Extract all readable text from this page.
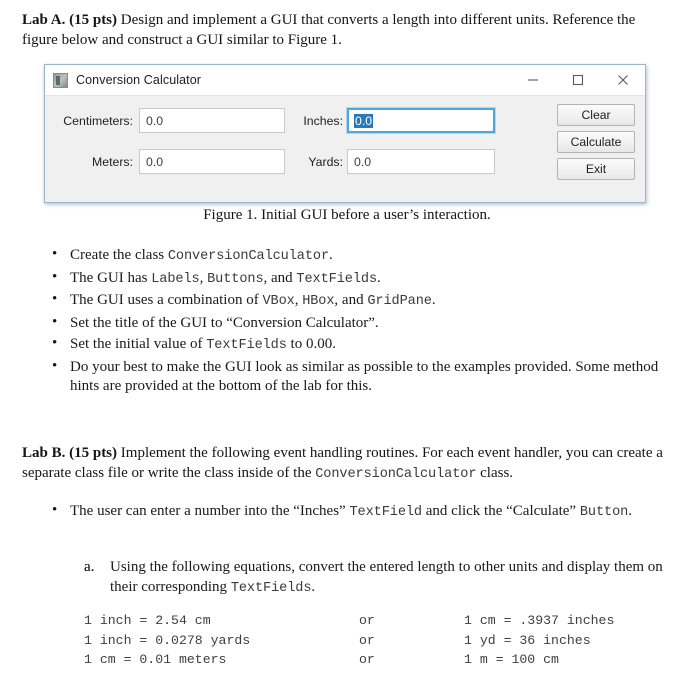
Lab A. (15 pts) Design and implement a GUI that converts a length into different units. Reference the figure below and construct a GUI similar to Figure 1.
Conversion Calculator
Centimeters: 0.0	Inches: 0.0
Meters: 0.0	Yards: 0.0
Clear
Calculate
Exit
Figure 1. Initial GUI before a user’s interaction.
• Create the class ConversionCalculator.
• The GUI has Labels, Buttons, and TextFields.
• The GUI uses a combination of VBox, HBox, and GridPane.
• Set the title of the GUI to “Conversion Calculator”.
• Set the initial value of TextFields to 0.00.
• Do your best to make the GUI look as similar as possible to the examples provided. Some method hints are provided at the bottom of the lab for this.
Lab B. (15 pts) Implement the following event handling routines. For each event handler, you can create a separate class file or write the class inside of the ConversionCalculator class.
• The user can enter a number into the “Inches” TextField and click the “Calculate” Button.
a. a. Using the following equations, convert the entered length to other units and display them on their corresponding TextFields.
1 inch = 2.54 cm	or	1 cm = .3937 inches
1 inch = 0.0278 yards	or	1 yd = 36 inches
1 cm = 0.01 meters	or	1 m = 100 cm
